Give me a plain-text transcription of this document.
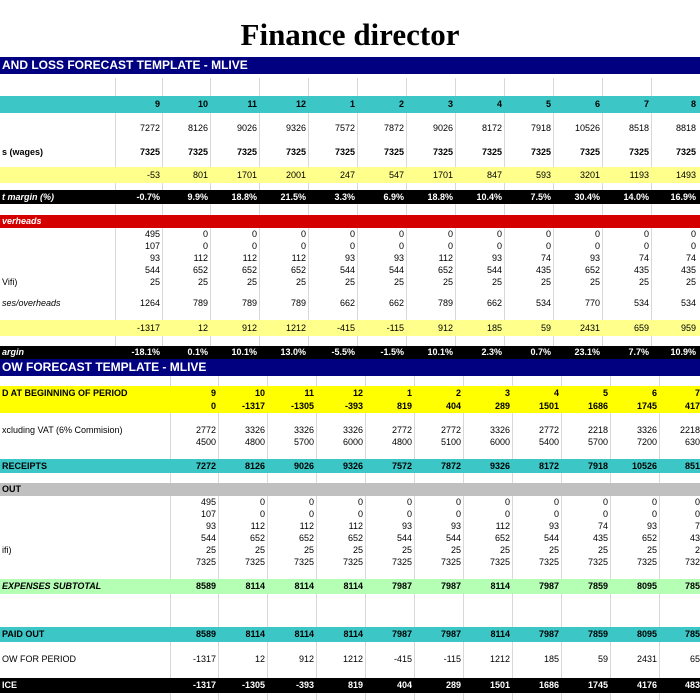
Finance director
AND LOSS FORECAST TEMPLATE - MLIVE
9	10	11	12	1	2	3	4	5	6	7	8
7272	8126	9026	9326	7572	7872	9026	8172	7918	10526	8518	8818
s (wages)	7325	7325	7325	7325	7325	7325	7325	7325	7325	7325	7325	7325
-53	801	1701	2001	247	547	1701	847	593	3201	1193	1493
t margin (%)	-0.7%	9.9%	18.8%	21.5%	3.3%	6.9%	18.8%	10.4%	7.5%	30.4%	14.0%	16.9%
verheads
495	0	0	0	0	0	0	0	0	0	0	0
107	0	0	0	0	0	0	0	0	0	0	0
93	112	112	112	93	93	112	93	74	93	74	74
544	652	652	652	544	544	652	544	435	652	435	435
Vifi)	25	25	25	25	25	25	25	25	25	25	25	25
ses/overheads	1264	789	789	789	662	662	789	662	534	770	534	534
-1317	12	912	1212	-415	-115	912	185	59	2431	659	959
argin	-18.1%	0.1%	10.1%	13.0%	-5.5%	-1.5%	10.1%	2.3%	0.7%	23.1%	7.7%	10.9%
OW FORECAST TEMPLATE - MLIVE
D AT BEGINNING OF PERIOD	9	10	11	12	1	2	3	4	5	6	7
0	-1317	-1305	-393	819	404	289	1501	1686	1745	417
xcluding VAT (6% Commision)	2772	3326	3326	3326	2772	2772	3326	2772	2218	3326	2218
4500	4800	5700	6000	4800	5100	6000	5400	5700	7200	630
RECEIPTS	7272	8126	9026	9326	7572	7872	9326	8172	7918	10526	851
OUT
495	0	0	0	0	0	0	0	0	0	0
107	0	0	0	0	0	0	0	0	0	0
93	112	112	112	93	93	112	93	74	93	7
544	652	652	652	544	544	652	544	435	652	43
ifi)	25	25	25	25	25	25	25	25	25	25	2
7325	7325	7325	7325	7325	7325	7325	7325	7325	7325	732
EXPENSES SUBTOTAL	8589	8114	8114	8114	7987	7987	8114	7987	7859	8095	785
PAID OUT	8589	8114	8114	8114	7987	7987	8114	7987	7859	8095	785
OW FOR PERIOD	-1317	12	912	1212	-415	-115	1212	185	59	2431	65
ICE	-1317	-1305	-393	819	404	289	1501	1686	1745	4176	483
